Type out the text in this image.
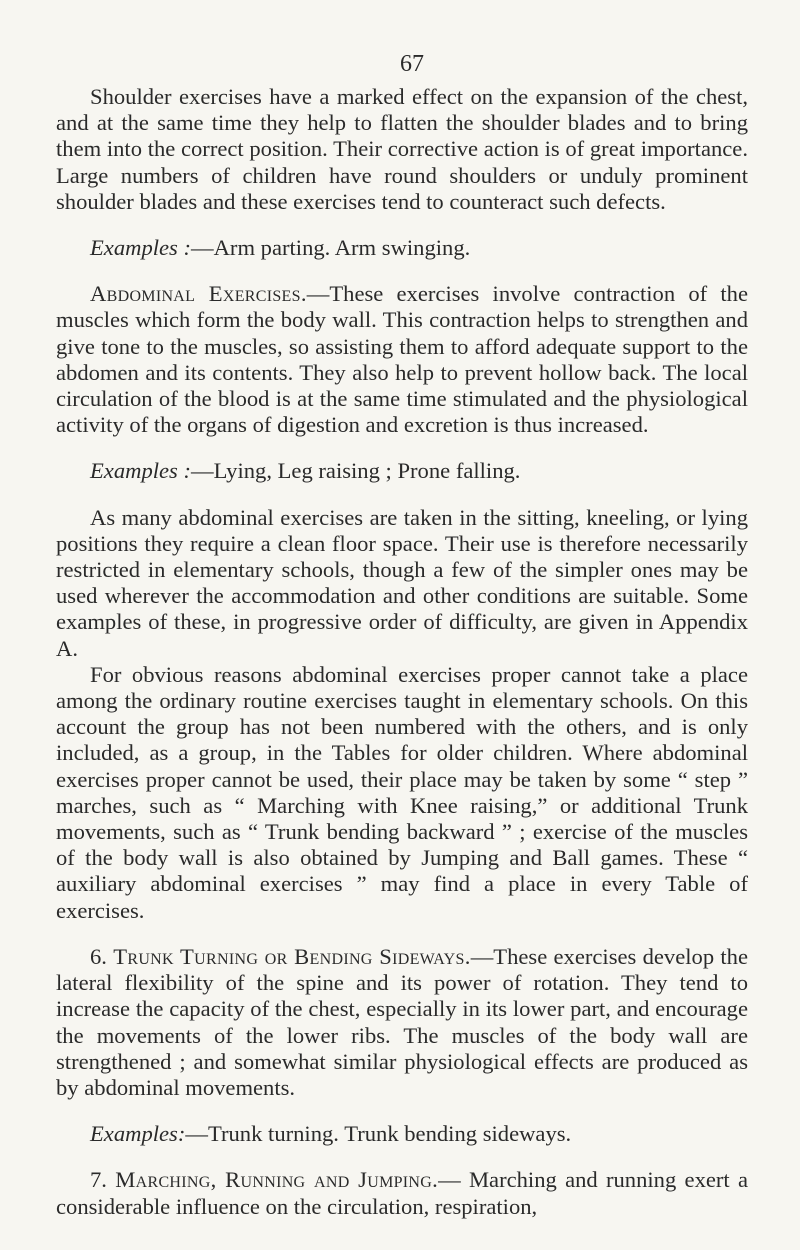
67

Shoulder exercises have a marked effect on the expansion of the chest, and at the same time they help to flatten the shoulder blades and to bring them into the correct position. Their corrective action is of great importance. Large numbers of children have round shoulders or unduly prominent shoulder blades and these exercises tend to counteract such defects.

Examples :—Arm parting. Arm swinging.

Abdominal Exercises.—These exercises involve contraction of the muscles which form the body wall. This contraction helps to strengthen and give tone to the muscles, so assisting them to afford adequate support to the abdomen and its contents. They also help to prevent hollow back. The local circulation of the blood is at the same time stimulated and the physiological activity of the organs of digestion and excretion is thus increased.

Examples :—Lying, Leg raising ; Prone falling.

As many abdominal exercises are taken in the sitting, kneeling, or lying positions they require a clean floor space. Their use is therefore necessarily restricted in elementary schools, though a few of the simpler ones may be used wherever the accommodation and other conditions are suitable. Some examples of these, in progressive order of difficulty, are given in Appendix A.

For obvious reasons abdominal exercises proper cannot take a place among the ordinary routine exercises taught in elementary schools. On this account the group has not been numbered with the others, and is only included, as a group, in the Tables for older children. Where abdominal exercises proper cannot be used, their place may be taken by some “ step ” marches, such as “ Marching with Knee raising,” or additional Trunk movements, such as “ Trunk bending backward ” ; exercise of the muscles of the body wall is also obtained by Jumping and Ball games. These “ auxiliary abdominal exercises ” may find a place in every Table of exercises.

6. Trunk Turning or Bending Sideways.—These exercises develop the lateral flexibility of the spine and its power of rotation. They tend to increase the capacity of the chest, especially in its lower part, and encourage the movements of the lower ribs. The muscles of the body wall are strengthened ; and somewhat similar physiological effects are produced as by abdominal movements.

Examples:—Trunk turning. Trunk bending sideways.

7. Marching, Running and Jumping.— Marching and running exert a considerable influence on the circulation, respiration,
